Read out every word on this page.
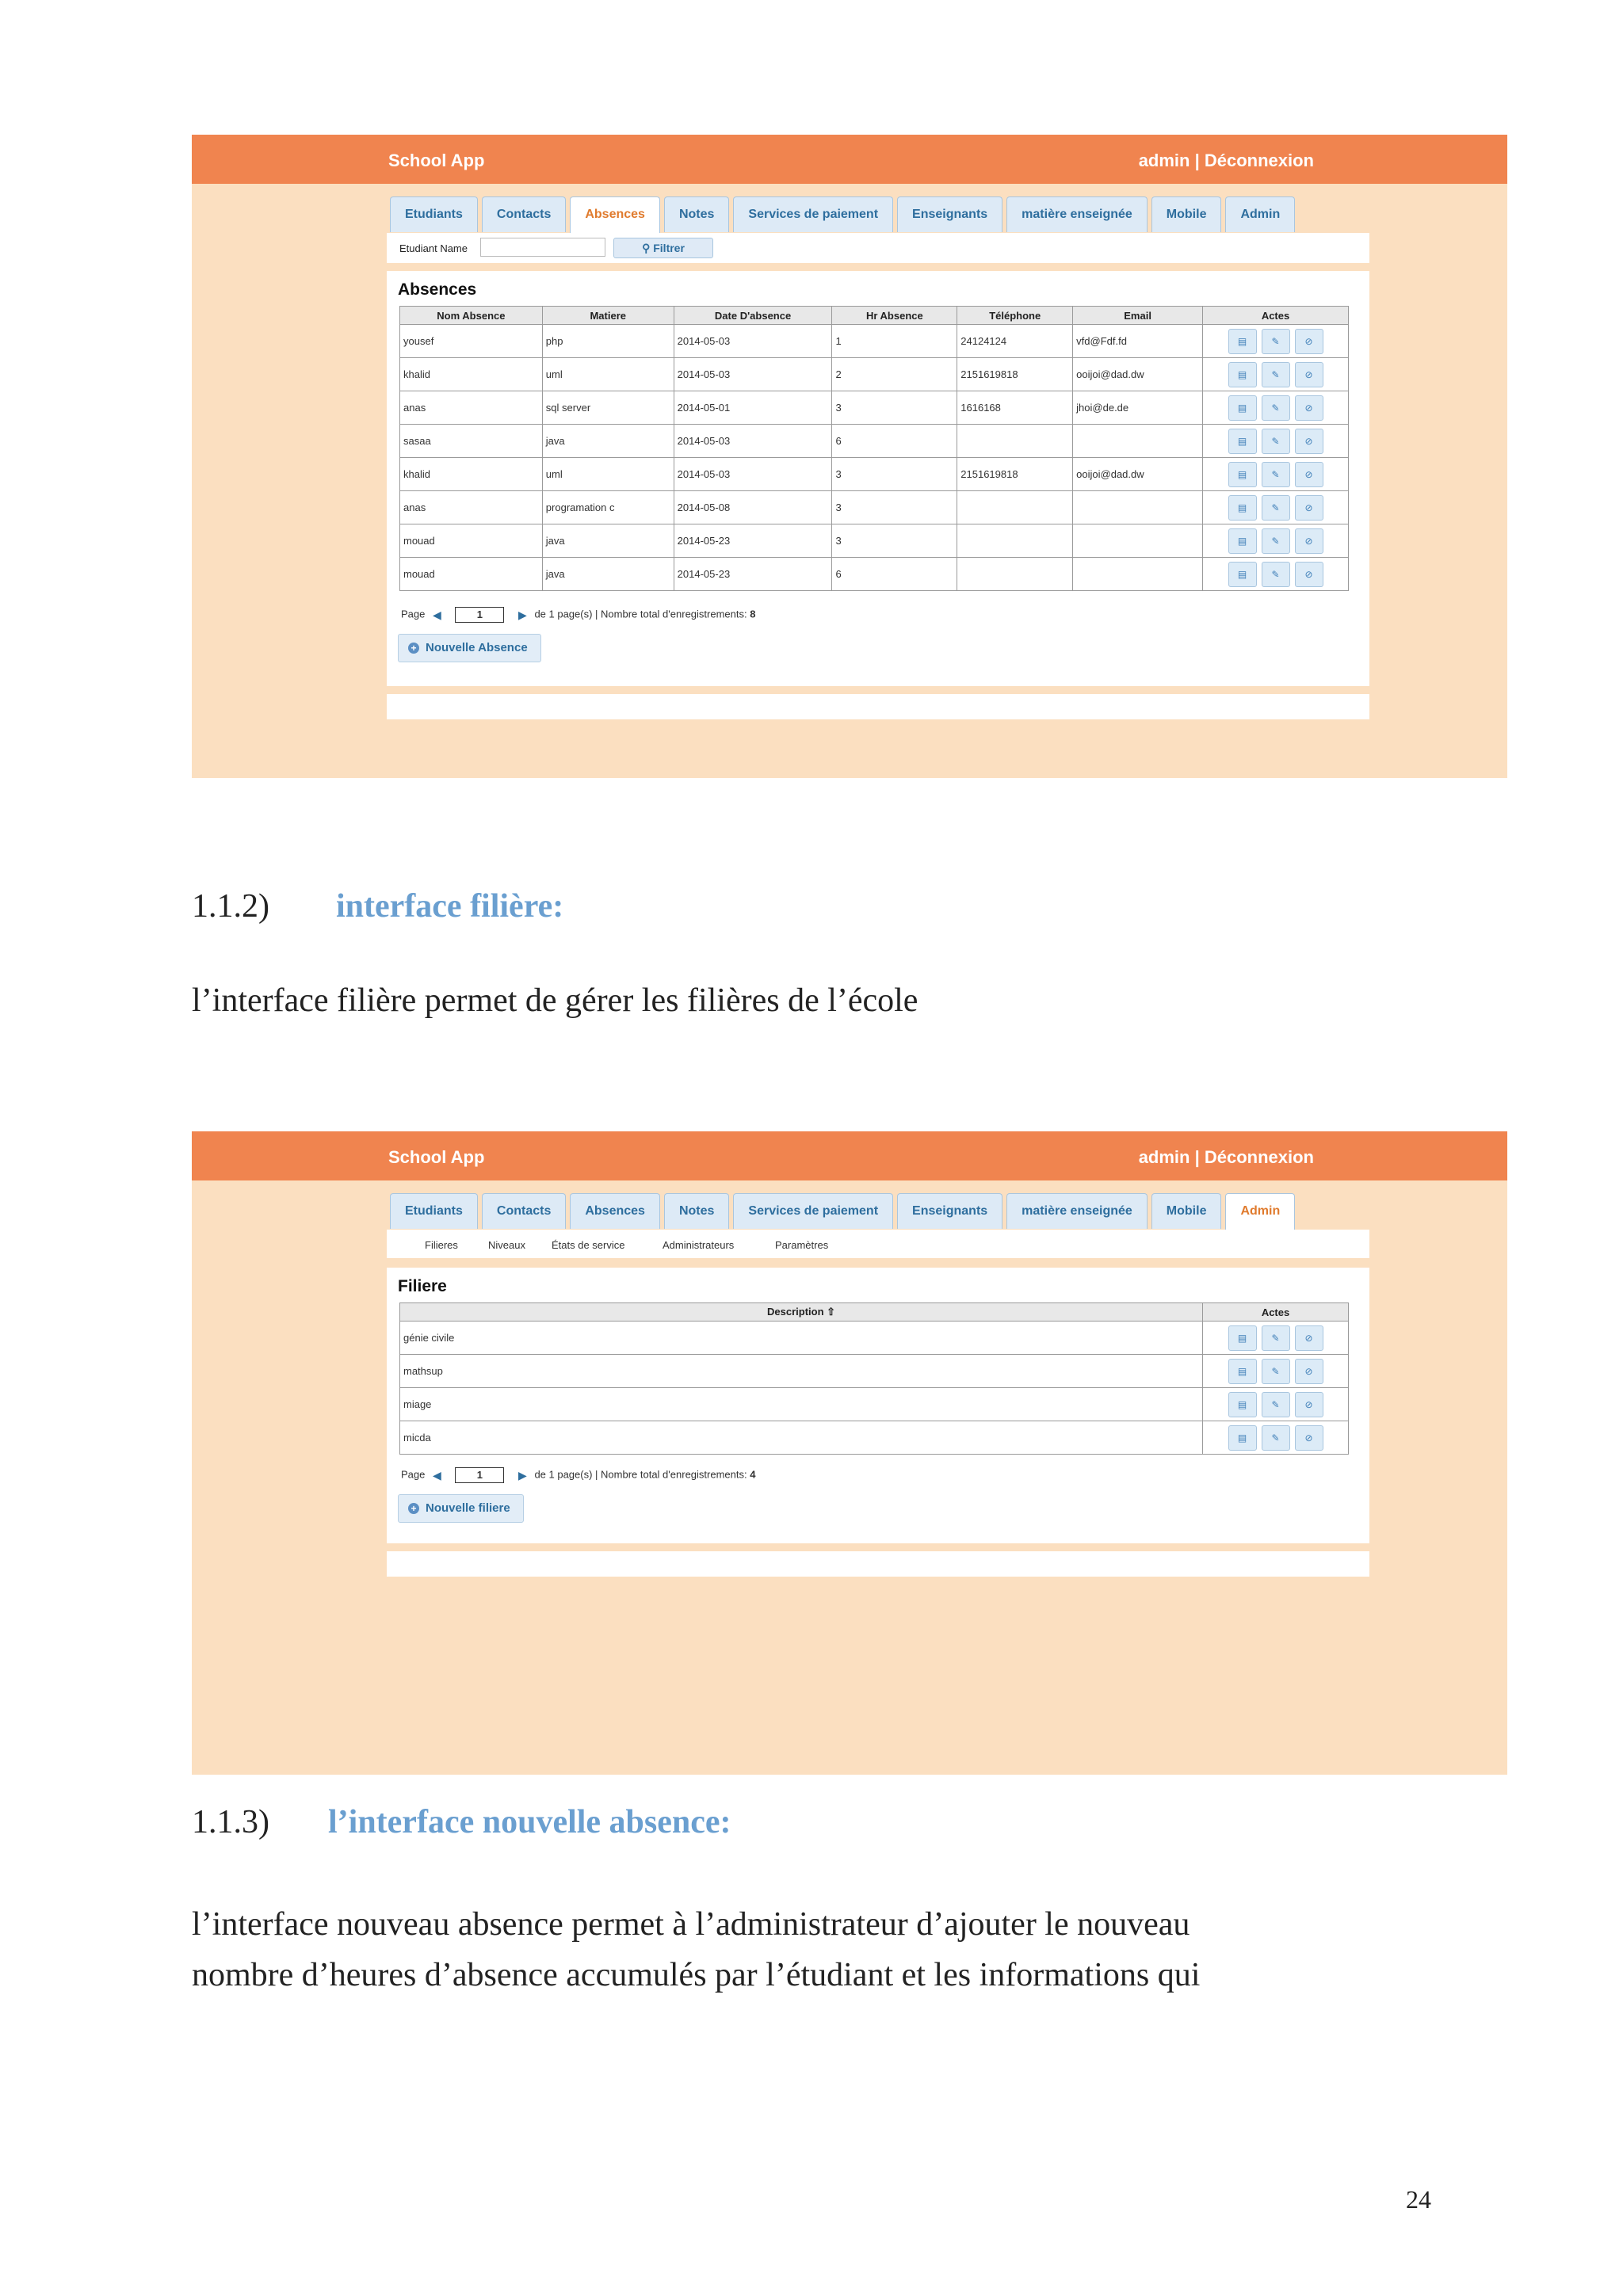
School App	admin | Déconnexion
Etudiants	Contacts	Absences	Notes	Services de paiement	Enseignants	matière enseignée	Mobile	Admin
Etudiant Name	⚲ Filtrer
Absences
Nom Absence	Matiere	Date D'absence	Hr Absence	Téléphone	Email	Actes
yousef	php	2014-05-03	1	24124124	vfd@Fdf.fd	▤ ✎ ⊘

khalid	uml	2014-05-03	2	2151619818	ooijoi@dad.dw	▤ ✎ ⊘

anas	sql server	2014-05-01	3	1616168	jhoi@de.de	▤ ✎ ⊘

sasaa	java	2014-05-03	6			▤ ✎ ⊘

khalid	uml	2014-05-03	3	2151619818	ooijoi@dad.dw	▤ ✎ ⊘

anas	programation c	2014-05-08	3			▤ ✎ ⊘

mouad	java	2014-05-23	3			▤ ✎ ⊘

mouad	java	2014-05-23	6			▤ ✎ ⊘
Page ◀	1	▶ de 1 page(s) | Nombre total d'enregistrements: 8
+ Nouvelle Absence
1.1.2) interface filière:
l’interface filière permet de gérer les filières de l’école
School App	admin | Déconnexion
Etudiants	Contacts	Absences	Notes	Services de paiement	Enseignants	matière enseignée	Mobile	Admin
Filieres	Niveaux	États de service	Administrateurs	Paramètres
Filiere
Description ⇧	Actes
génie civile	▤ ✎ ⊘

mathsup	▤ ✎ ⊘

miage	▤ ✎ ⊘

micda	▤ ✎ ⊘
Page ◀	1	▶ de 1 page(s) | Nombre total d'enregistrements: 4
+ Nouvelle filiere
1.1.3) l’interface nouvelle absence:
l’interface nouveau absence permet à l’administrateur d’ajouter le nouveau
nombre d’heures d’absence accumulés par l’étudiant et les informations qui
24
